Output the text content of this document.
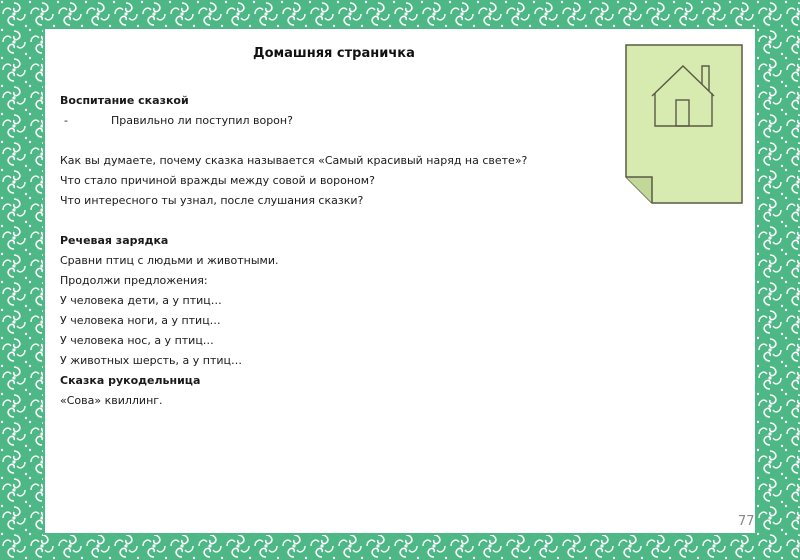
Домашняя страничка
Воспитание сказкой
-	Правильно ли поступил ворон?
Как вы думаете, почему сказка называется «Самый красивый наряд на свете»?
Что стало причиной вражды между совой и вороном?
Что интересного ты узнал, после слушания сказки?
Речевая зарядка
Сравни птиц с людьми и животными.
Продолжи предложения:
У человека дети, а у птиц…
У человека ноги, а у птиц…
У человека нос, а у птиц…
У животных шерсть, а у птиц…
Сказка рукодельница
«Сова» квиллинг.
77
